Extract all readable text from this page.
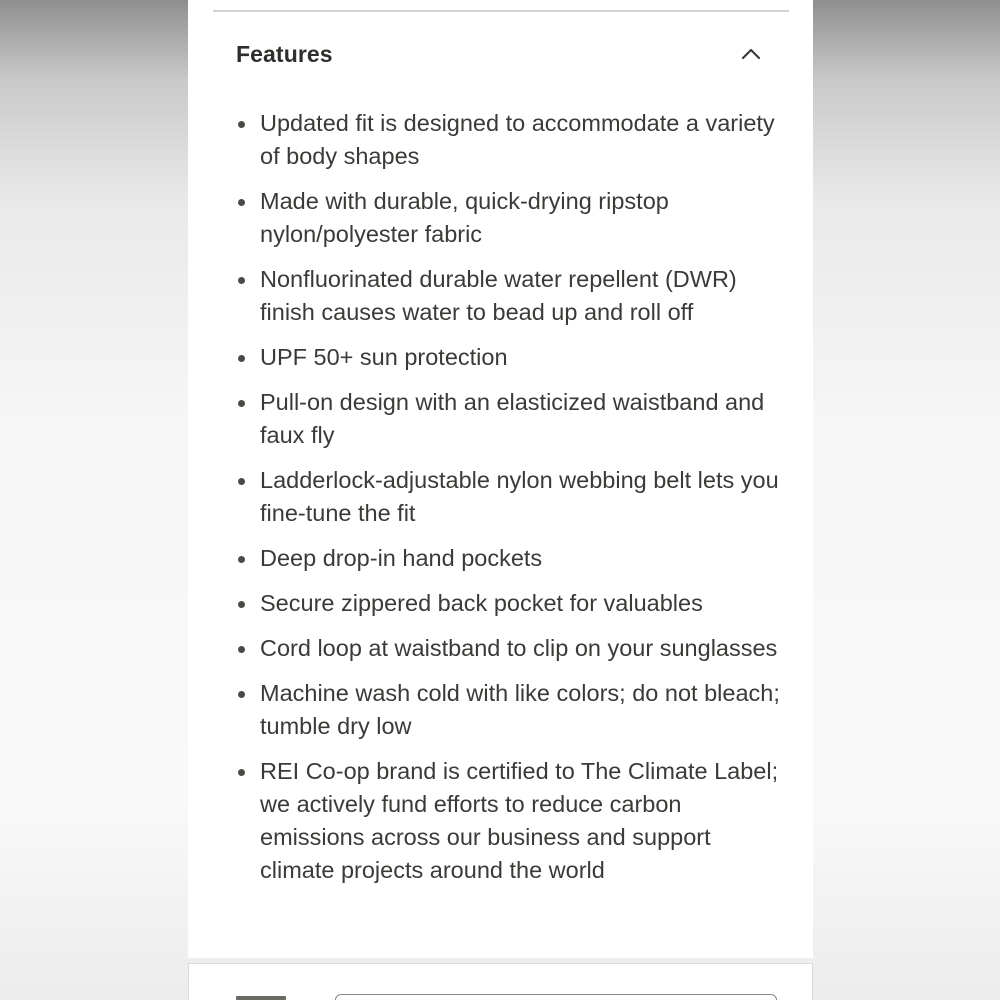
Features
Updated fit is designed to accommodate a variety of body shapes
Made with durable, quick-drying ripstop nylon/polyester fabric
Nonfluorinated durable water repellent (DWR) finish causes water to bead up and roll off
UPF 50+ sun protection
Pull-on design with an elasticized waistband and faux fly
Ladderlock-adjustable nylon webbing belt lets you fine-tune the fit
Deep drop-in hand pockets
Secure zippered back pocket for valuables
Cord loop at waistband to clip on your sunglasses
Machine wash cold with like colors; do not bleach; tumble dry low
REI Co-op brand is certified to The Climate Label; we actively fund efforts to reduce carbon emissions across our business and support climate projects around the world
